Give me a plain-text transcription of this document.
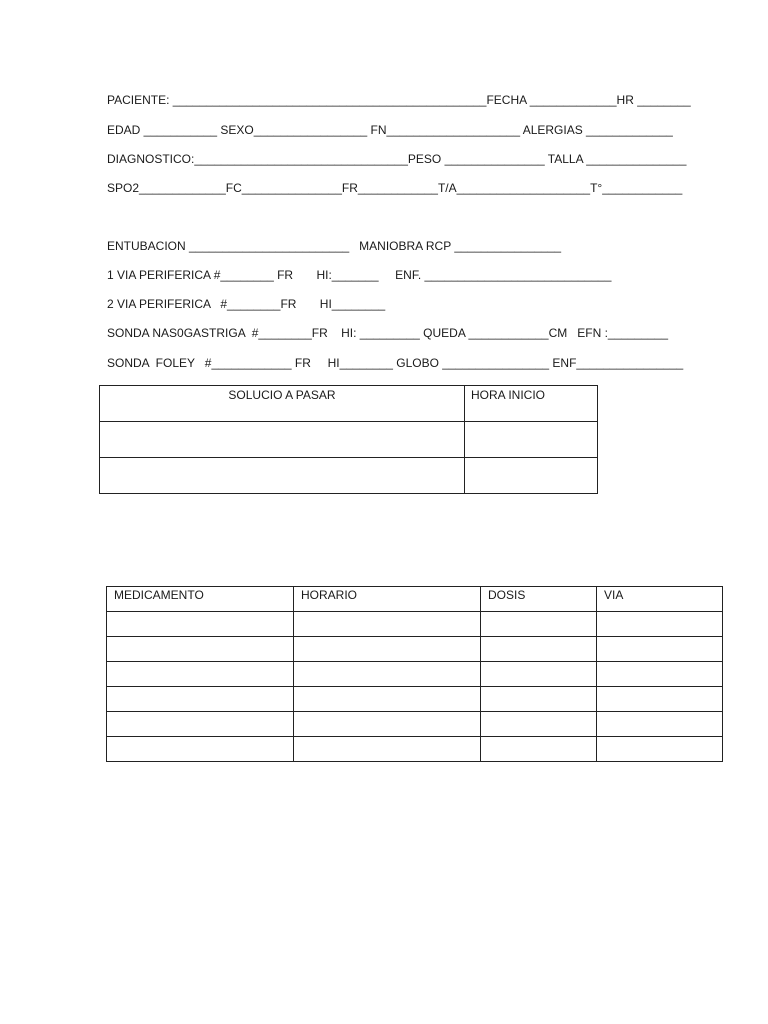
PACIENTE: _______________________________________________FECHA _____________HR ________
EDAD ___________ SEXO_________________ FN____________________ ALERGIAS _____________
DIAGNOSTICO:________________________________PESO _______________ TALLA _______________
SPO2_____________FC_______________FR____________T/A____________________T°____________
ENTUBACION ________________________   MANIOBRA RCP ________________
1 VIA PERIFERICA #________ FR       HI:_______     ENF. ____________________________
2 VIA PERIFERICA   #________FR       HI________
SONDA NAS0GASTRIGA  #________FR    HI: _________ QUEDA ____________CM   EFN :_________
SONDA  FOLEY   #____________ FR     HI________ GLOBO ________________ ENF________________
SOLUCIO A PASAR	HORA INICIO

MEDICAMENTO	HORARIO	DOSIS	VIA
